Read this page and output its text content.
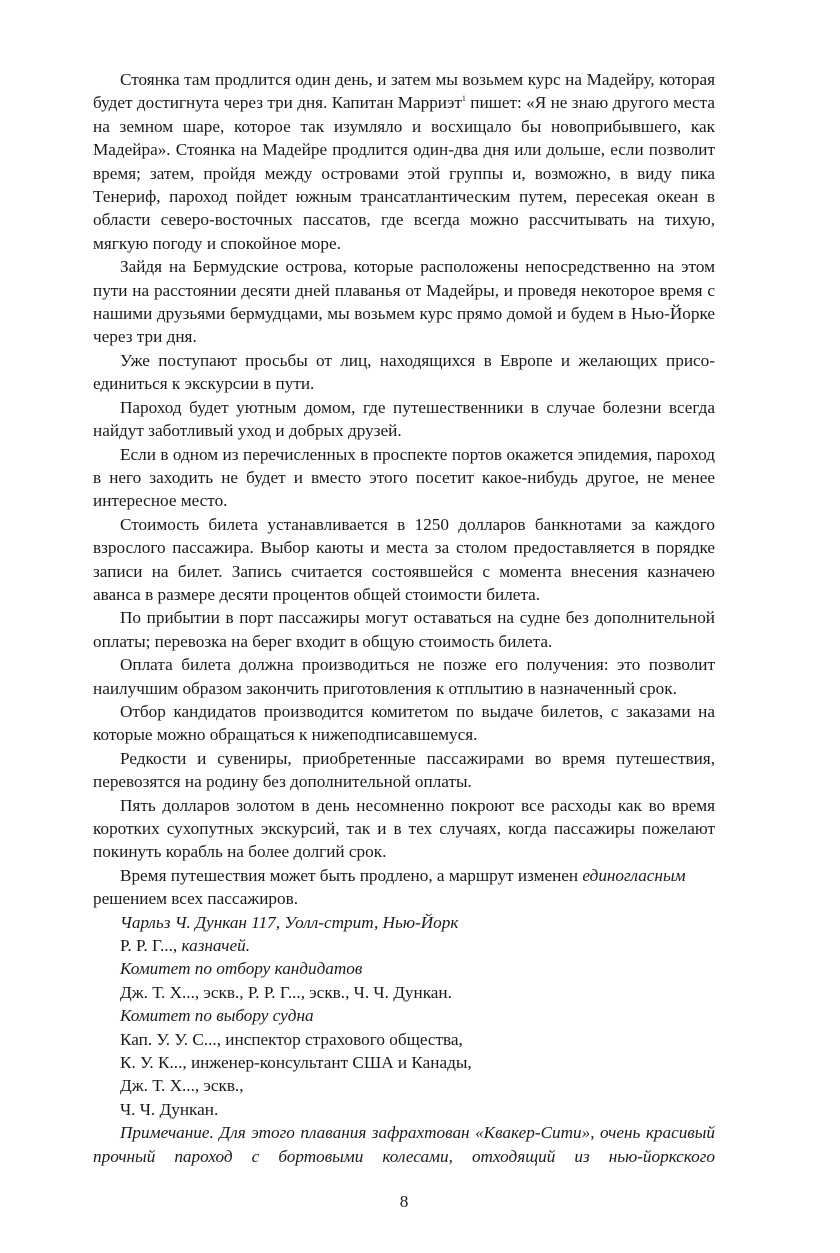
Стоянка там продлится один день, и затем мы возьмем курс на Мадейру, которая будет достигнута через три дня. Капитан Марриэт$^1$ пишет: «Я не знаю другого места на земном шаре, которое так изумляло и восхищало бы новоприбывшего, как Мадейра». Стоянка на Мадейре продлится один-два дня или дольше, если позволит время; затем, пройдя между островами этой группы и, возможно, в виду пика Тенериф, пароход пойдет южным трансатлантическим путем, пересекая океан в области северо-восточных пассатов, где всегда можно рассчитывать на тихую, мягкую погоду и спокойное море.

Зайдя на Бермудские острова, которые расположены непосредственно на этом пути на расстоянии десяти дней плаванья от Мадейры, и проведя некоторое время с нашими друзьями бермудцами, мы возьмем курс прямо домой и будем в Нью-Йорке через три дня.

Уже поступают просьбы от лиц, находящихся в Европе и желающих присоединиться к экскурсии в пути.

Пароход будет уютным домом, где путешественники в случае болезни всегда найдут заботливый уход и добрых друзей.

Если в одном из перечисленных в проспекте портов окажется эпидемия, пароход в него заходить не будет и вместо этого посетит какое-нибудь другое, не менее интересное место.

Стоимость билета устанавливается в 1250 долларов банкнотами за каждого взрослого пассажира. Выбор каюты и места за столом предоставляется в порядке записи на билет. Запись считается состоявшейся с момента внесения казначею аванса в размере десяти процентов общей стоимости билета.

По прибытии в порт пассажиры могут оставаться на судне без дополнительной оплаты; перевозка на берег входит в общую стоимость билета.

Оплата билета должна производиться не позже его получения: это позволит наилучшим образом закончить приготовления к отплытию в назначенный срок.

Отбор кандидатов производится комитетом по выдаче билетов, с заказами на которые можно обращаться к нижеподписавшемуся.

Редкости и сувениры, приобретенные пассажирами во время путешествия, перевозятся на родину без дополнительной оплаты.

Пять долларов золотом в день несомненно покроют все расходы как во время коротких сухопутных экскурсий, так и в тех случаях, когда пассажиры пожелают покинуть корабль на более долгий срок.

Время путешествия может быть продлено, а маршрут изменен единогласным

решением всех пассажиров.

Чарльз Ч. Дункан 117, Уолл-стрит, Нью-Йорк

Р. Р. Г..., казначей.

Комитет по отбору кандидатов

Дж. Т. Х..., эскв., Р. Р. Г..., эскв., Ч. Ч. Дункан.

Комитет по выбору судна

Кап. У. У. С..., инспектор страхового общества,

К. У. К..., инженер-консультант США и Канады,

Дж. Т. Х..., эскв.,

Ч. Ч. Дункан.

Примечание. Для этого плавания зафрахтован «Квакер-Сити», очень красивый прочный пароход с бортовыми колесами, отходящий из нью-йоркского

8
